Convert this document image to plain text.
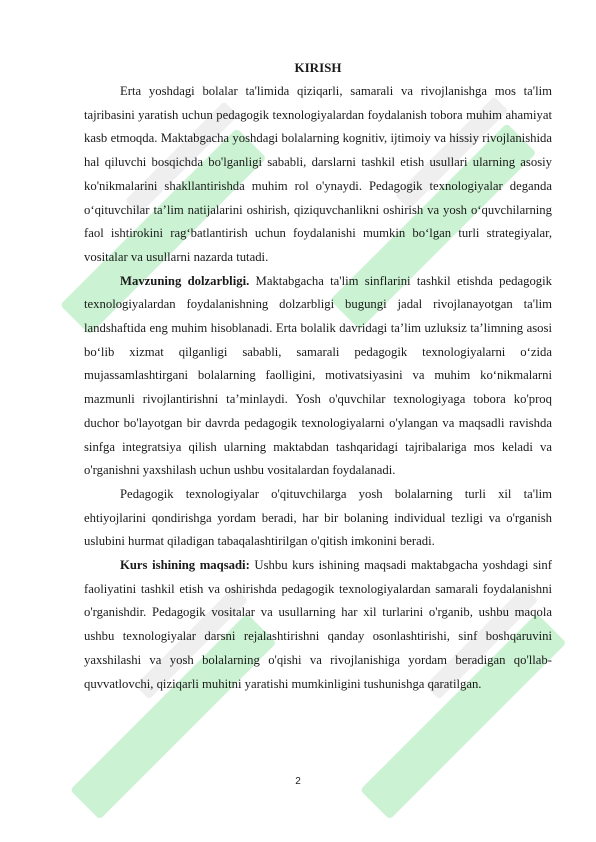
KIRISH

Erta yoshdagi bolalar ta'limida qiziqarli, samarali va rivojlanishga mos ta'lim tajribasini yaratish uchun pedagogik texnologiyalardan foydalanish tobora muhim ahamiyat kasb etmoqda. Maktabgacha yoshdagi bolalarning kognitiv, ijtimoiy va hissiy rivojlanishida hal qiluvchi bosqichda bo'lganligi sababli, darslarni tashkil etish usullari ularning asosiy ko'nikmalarini shakllantirishda muhim rol o'ynaydi. Pedagogik texnologiyalar deganda o‘qituvchilar ta’lim natijalarini oshirish, qiziquvchanlikni oshirish va yosh o‘quvchilarning faol ishtirokini rag‘batlantirish uchun foydalanishi mumkin bo‘lgan turli strategiyalar, vositalar va usullarni nazarda tutadi.

Mavzuning dolzarbligi. Maktabgacha ta'lim sinflarini tashkil etishda pedagogik texnologiyalardan foydalanishning dolzarbligi bugungi jadal rivojlanayotgan ta'lim landshaftida eng muhim hisoblanadi. Erta bolalik davridagi ta’lim uzluksiz ta’limning asosi bo‘lib xizmat qilganligi sababli, samarali pedagogik texnologiyalarni o‘zida mujassamlashtirgani bolalarning faolligini, motivatsiyasini va muhim ko‘nikmalarni mazmunli rivojlantirishni ta’minlaydi. Yosh o'quvchilar texnologiyaga tobora ko'proq duchor bo'layotgan bir davrda pedagogik texnologiyalarni o'ylangan va maqsadli ravishda sinfga integratsiya qilish ularning maktabdan tashqaridagi tajribalariga mos keladi va o'rganishni yaxshilash uchun ushbu vositalardan foydalanadi.

Pedagogik texnologiyalar o'qituvchilarga yosh bolalarning turli xil ta'lim ehtiyojlarini qondirishga yordam beradi, har bir bolaning individual tezligi va o'rganish uslubini hurmat qiladigan tabaqalashtirilgan o'qitish imkonini beradi.

Kurs ishining maqsadi: Ushbu kurs ishining maqsadi maktabgacha yoshdagi sinf faoliyatini tashkil etish va oshirishda pedagogik texnologiyalardan samarali foydalanishni o'rganishdir. Pedagogik vositalar va usullarning har xil turlarini o'rganib, ushbu maqola ushbu texnologiyalar darsni rejalashtirishni qanday osonlashtirishi, sinf boshqaruvini yaxshilashi va yosh bolalarning o'qishi va rivojlanishiga yordam beradigan qo'llab-quvvatlovchi, qiziqarli muhitni yaratishi mumkinligini tushunishga qaratilgan.

2
